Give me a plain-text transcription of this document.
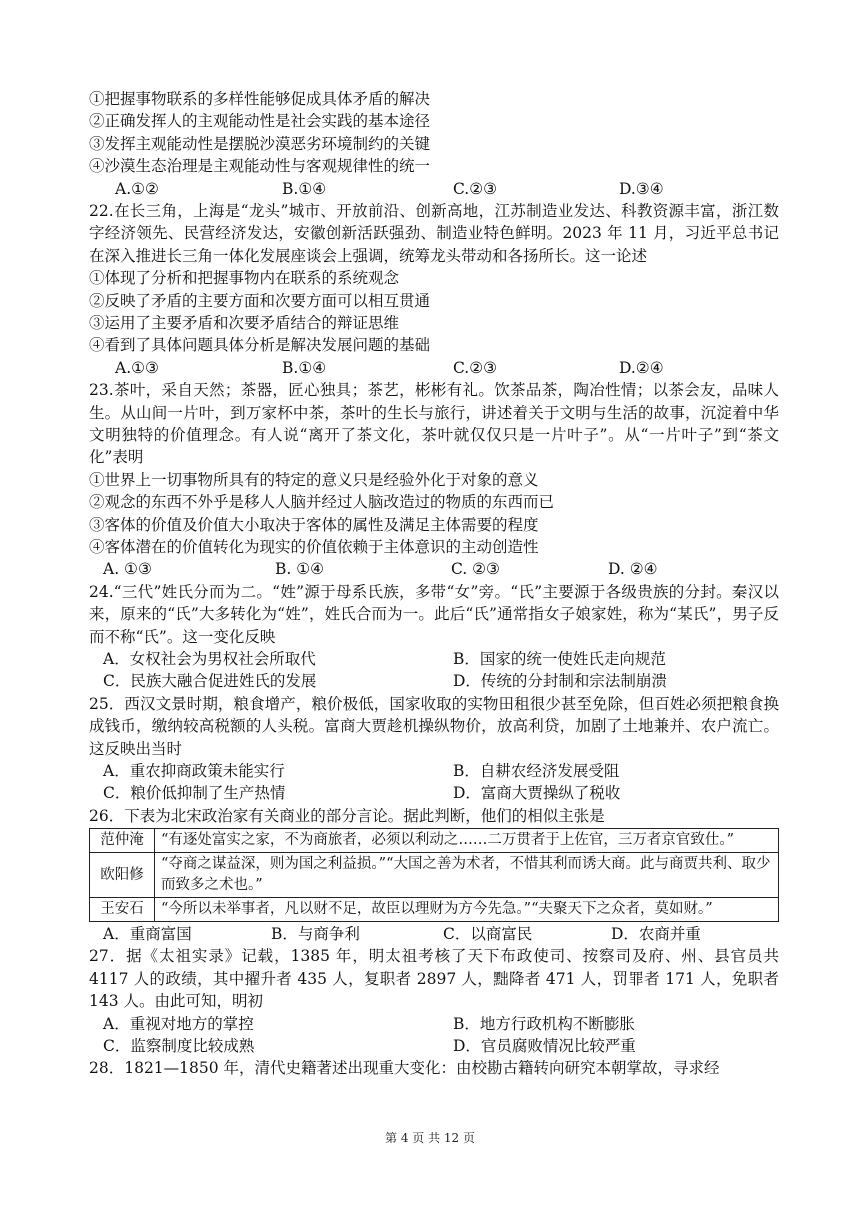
①把握事物联系的多样性能够促成具体矛盾的解决
②正确发挥人的主观能动性是社会实践的基本途径
③发挥主观能动性是摆脱沙漠恶劣环境制约的关键
④沙漠生态治理是主观能动性与客观规律性的统一
A.①②	B.①④	C.②③	D.③④
22.在长三角，上海是“龙头”城市、开放前沿、创新高地，江苏制造业发达、科教资源丰富，浙江数字经济领先、民营经济发达，安徽创新活跃强劲、制造业特色鲜明。2023 年 11 月，习近平总书记在深入推进长三角一体化发展座谈会上强调，统筹龙头带动和各扬所长。这一论述
①体现了分析和把握事物内在联系的系统观念
②反映了矛盾的主要方面和次要方面可以相互贯通
③运用了主要矛盾和次要矛盾结合的辩证思维
④看到了具体问题具体分析是解决发展问题的基础
A.①③	B.①④	C.②③	D.②④
23.茶叶，采自天然；茶器，匠心独具；茶艺，彬彬有礼。饮茶品茶，陶冶性情；以茶会友，品味人生。从山间一片叶，到万家杯中茶，茶叶的生长与旅行，讲述着关于文明与生活的故事，沉淀着中华文明独特的价值理念。有人说“离开了茶文化，茶叶就仅仅只是一片叶子”。从“一片叶子”到“茶文化”表明
①世界上一切事物所具有的特定的意义只是经验外化于对象的意义
②观念的东西不外乎是移人人脑并经过人脑改造过的物质的东西而已
③客体的价值及价值大小取决于客体的属性及满足主体需要的程度
④客体潜在的价值转化为现实的价值依赖于主体意识的主动创造性
A. ①③	B. ①④	C. ②③	D. ②④
24.“三代”姓氏分而为二。“姓”源于母系氏族，多带“女”旁。“氏”主要源于各级贵族的分封。秦汉以来，原来的“氏”大多转化为“姓”，姓氏合而为一。此后“氏”通常指女子娘家姓，称为“某氏”，男子反而不称“氏”。这一变化反映
A．女权社会为男权社会所取代	B．国家的统一使姓氏走向规范
C．民族大融合促进姓氏的发展	D．传统的分封制和宗法制崩溃
25．西汉文景时期，粮食增产，粮价极低，国家收取的实物田租很少甚至免除，但百姓必须把粮食换成钱币，缴纳较高税额的人头税。富商大贾趁机操纵物价，放高利贷，加剧了土地兼并、农户流亡。这反映出当时
A．重农抑商政策未能实行	B．自耕农经济发展受阻
C．粮价低抑制了生产热情	D．富商大贾操纵了税收
26．下表为北宋政治家有关商业的部分言论。据此判断，他们的相似主张是
范仲淹	“有逐处富实之家，不为商旅者，必须以利动之……二万贯者于上佐官，三万者京官致仕。”
欧阳修	“夺商之谋益深，则为国之利益损。”“大国之善为术者，不惜其利而诱大商。此与商贾共利、取少而致多之术也。”
王安石	“今所以未举事者，凡以财不足，故臣以理财为方今先急。”“夫聚天下之众者，莫如财。”
A．重商富国	B．与商争利	C．以商富民	D．农商并重
27．据《太祖实录》记载，1385 年，明太祖考核了天下布政使司、按察司及府、州、县官员共 4117 人的政绩，其中擢升者 435 人，复职者 2897 人，黜降者 471 人，罚罪者 171 人，免职者 143 人。由此可知，明初
A．重视对地方的掌控	B．地方行政机构不断膨胀
C．监察制度比较成熟	D．官员腐败情况比较严重
28．1821—1850 年，清代史籍著述出现重大变化：由校勘古籍转向研究本朝掌故，寻求经
第 4 页 共 12 页
